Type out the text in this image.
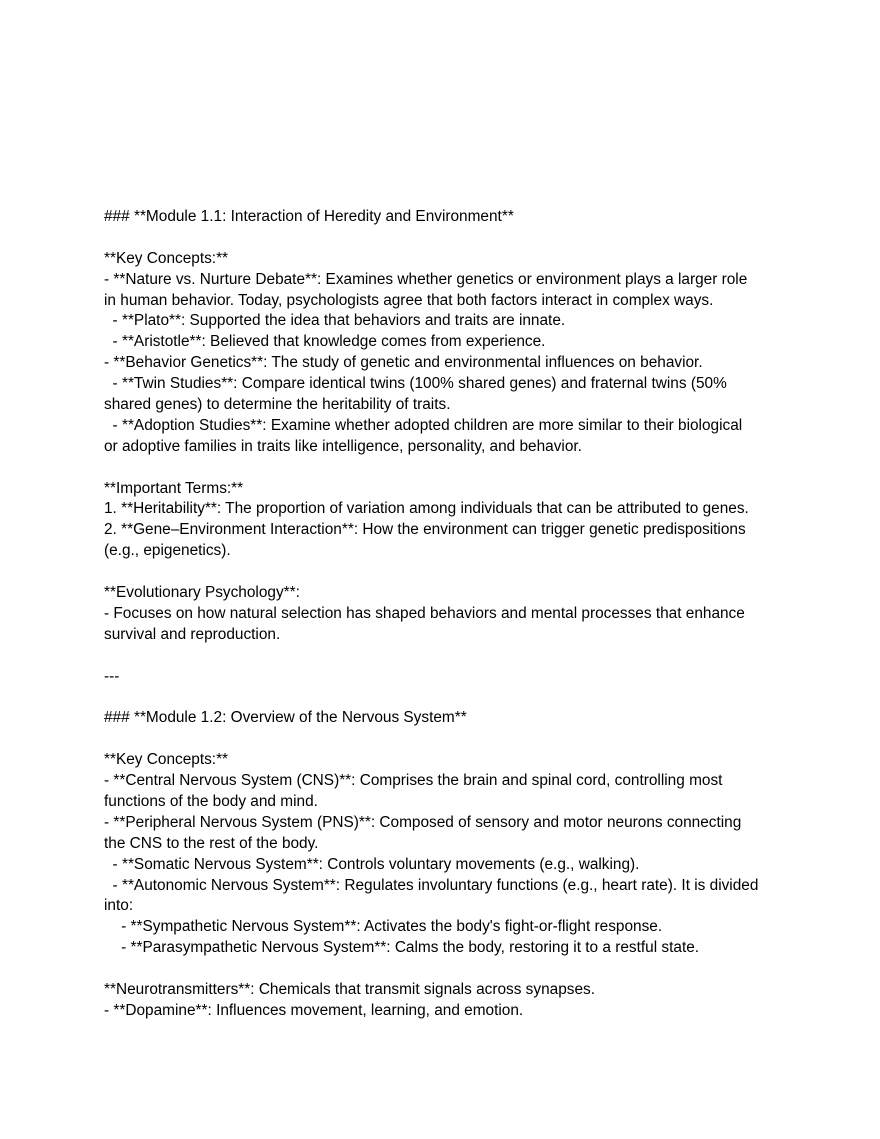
### **Module 1.1: Interaction of Heredity and Environment**
**Key Concepts:**
- **Nature vs. Nurture Debate**: Examines whether genetics or environment plays a larger role
in human behavior. Today, psychologists agree that both factors interact in complex ways.
- **Plato**: Supported the idea that behaviors and traits are innate.
- **Aristotle**: Believed that knowledge comes from experience.
- **Behavior Genetics**: The study of genetic and environmental influences on behavior.
- **Twin Studies**: Compare identical twins (100% shared genes) and fraternal twins (50%
shared genes) to determine the heritability of traits.
- **Adoption Studies**: Examine whether adopted children are more similar to their biological
or adoptive families in traits like intelligence, personality, and behavior.
**Important Terms:**
1. **Heritability**: The proportion of variation among individuals that can be attributed to genes.
2. **Gene–Environment Interaction**: How the environment can trigger genetic predispositions
(e.g., epigenetics).
**Evolutionary Psychology**:
- Focuses on how natural selection has shaped behaviors and mental processes that enhance
survival and reproduction.
---
### **Module 1.2: Overview of the Nervous System**
**Key Concepts:**
- **Central Nervous System (CNS)**: Comprises the brain and spinal cord, controlling most
functions of the body and mind.
- **Peripheral Nervous System (PNS)**: Composed of sensory and motor neurons connecting
the CNS to the rest of the body.
- **Somatic Nervous System**: Controls voluntary movements (e.g., walking).
- **Autonomic Nervous System**: Regulates involuntary functions (e.g., heart rate). It is divided
into:
- **Sympathetic Nervous System**: Activates the body's fight-or-flight response.
- **Parasympathetic Nervous System**: Calms the body, restoring it to a restful state.
**Neurotransmitters**: Chemicals that transmit signals across synapses.
- **Dopamine**: Influences movement, learning, and emotion.
